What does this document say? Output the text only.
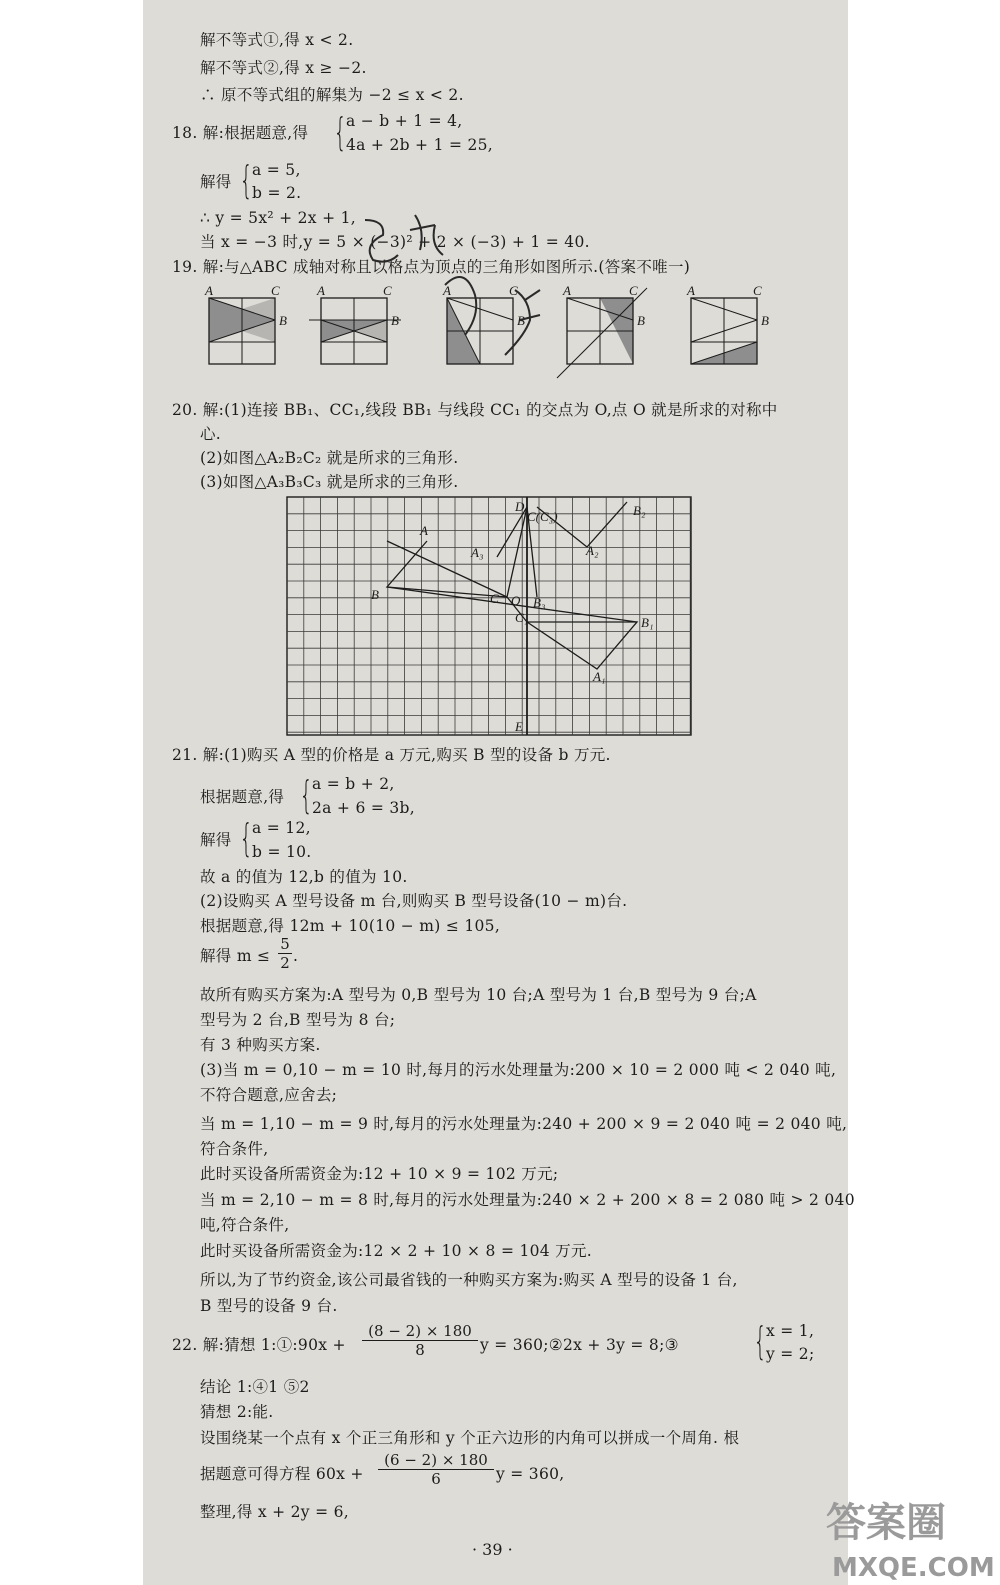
解不等式①,得 x < 2.
解不等式②,得 x ≥ −2.
∴ 原不等式组的解集为 −2 ≤ x < 2.
18. 解:根据题意,得 { a − b + 1 = 4,
4a + 2b + 1 = 25,
解得 { a = 5,
b = 2.
∴ y = 5x² + 2x + 1,
当 x = −3 时,y = 5 × (−3)² + 2 × (−3) + 1 = 40.
19. 解:与△ABC 成轴对称且以格点为顶点的三角形如图所示.(答案不唯一)
A	C
B
A	C
B
A	C
B
A	C
B
A	C
B
20. 解:(1)连接 BB₁、CC₁,线段 BB₁ 与线段 CC₁ 的交点为 O,点 O 就是所求的对称中
心.
(2)如图△A₂B₂C₂ 就是所求的三角形.
(3)如图△A₃B₃C₃ 就是所求的三角形.
A
B	C O
A₃
B₃
C₁
D
C(C₃)
A₂
B₂
B₁
A₁
E
21. 解:(1)购买 A 型的价格是 a 万元,购买 B 型的设备 b 万元.
根据题意,得 { a = b + 2,
2a + 6 = 3b,
解得 { a = 12,
b = 10.
故 a 的值为 12,b 的值为 10.
(2)设购买 A 型号设备 m 台,则购买 B 型号设备(10 − m)台.
根据题意,得 12m + 10(10 − m) ≤ 105,
解得 $m \le \frac{5}{2}$ .
故所有购买方案为:A 型号为 0,B 型号为 10 台;A 型号为 1 台,B 型号为 9 台;A
型号为 2 台,B 型号为 8 台;
有 3 种购买方案.
(3)当 m = 0,10 − m = 10 时,每月的污水处理量为:200 × 10 = 2 000 吨 < 2 040 吨,
不符合题意,应舍去;
当 m = 1,10 − m = 9 时,每月的污水处理量为:240 + 200 × 9 = 2 040 吨 = 2 040 吨,
符合条件,
此时买设备所需资金为:12 + 10 × 9 = 102 万元;
当 m = 2,10 − m = 8 时,每月的污水处理量为:240 × 2 + 200 × 8 = 2 080 吨 > 2 040
吨,符合条件,
此时买设备所需资金为:12 × 2 + 10 × 8 = 104 万元.
所以,为了节约资金,该公司最省钱的一种购买方案为:购买 A 型号的设备 1 台,
B 型号的设备 9 台.
22. 解:猜想 1:①:90x + $\frac{(8 - 2) \times 180}{8}$ y = 360;②2x + 3y = 8;③ { x = 1,
y = 2;
结论 1:④1 ⑤2
猜想 2:能.
设围绕某一个点有 x 个正三角形和 y 个正六边形的内角可以拼成一个周角. 根
据题意可得方程 $60x + \frac{(6 - 2) \times 180}{6}$ y = 360,
整理,得 x + 2y = 6,
· 39 ·
答案圈
MXQE.COM
